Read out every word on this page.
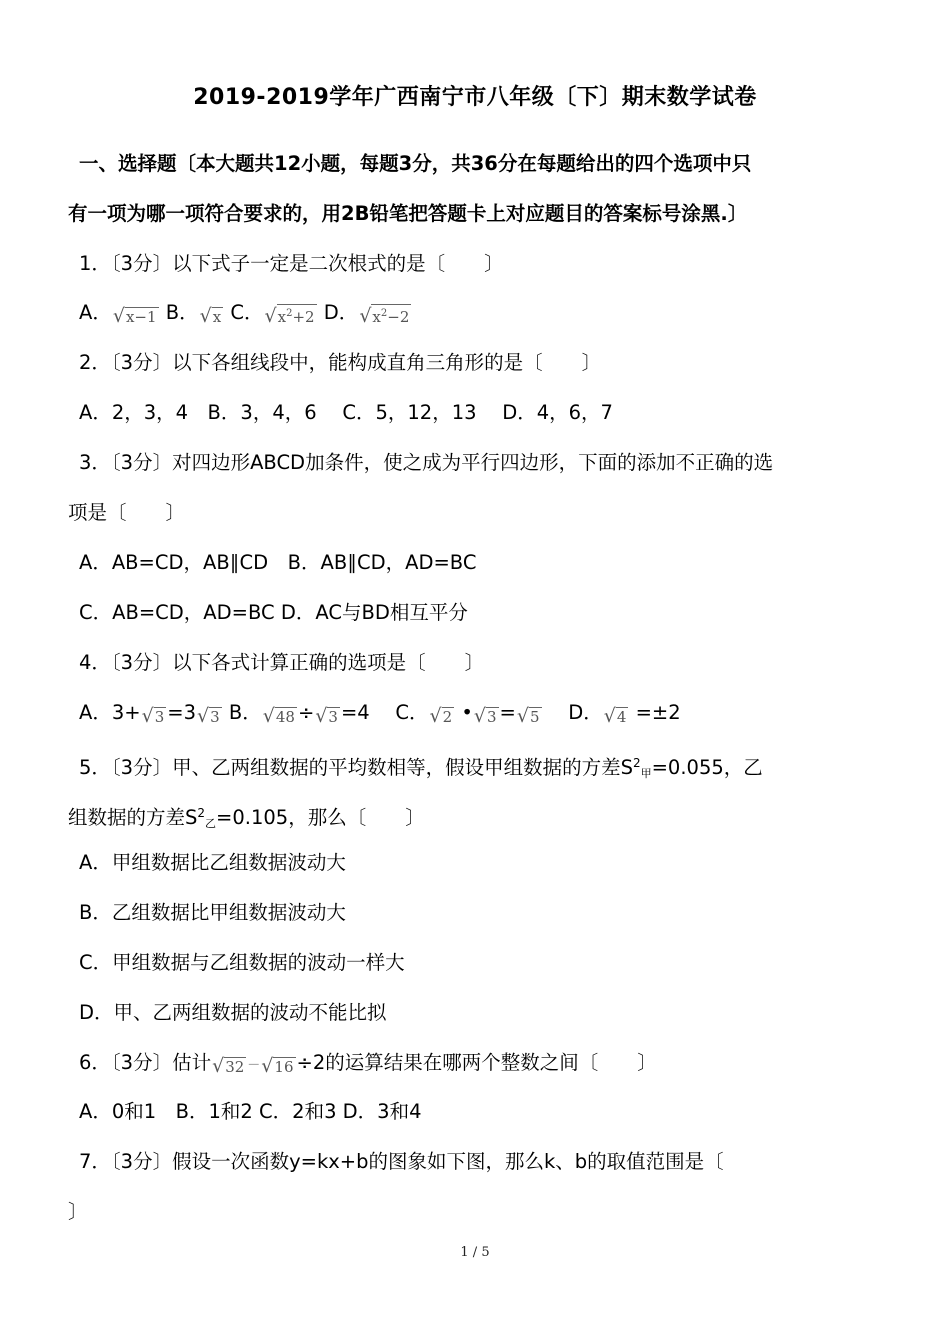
2019-2019学年广西南宁市八年级〔下〕期末数学试卷
一、选择题〔本大题共12小题，每题3分，共36分在每题给出的四个选项中只
有一项为哪一项符合要求的，用2B铅笔把答题卡上对应题目的答案标号涂黑.〕
1．〔3分〕以下式子一定是二次根式的是〔　　〕
A． √ x−1 B． √ x C． √ $x^2+2$ D． √ $x^2-2$
2．〔3分〕以下各组线段中，能构成直角三角形的是〔　　〕
A．2，3，4　B．3，4，6　 C．5，12，13　 D．4，6，7
3．〔3分〕对四边形ABCD加条件，使之成为平行四边形，下面的添加不正确的选
项是〔　　〕
A．AB=CD，AB∥CD　B．AB∥CD，AD=BC
C．AB=CD，AD=BC D．AC与BD相互平分
4．〔3分〕以下各式计算正确的选项是〔　　〕
A．3+ √ 3 =3 √ 3 B． √ 48 ÷ √ 3 =4　 C． √ 2 • √ 3 = √ 5 　 D． √ 4 =±2
5．〔3分〕甲、乙两组数据的平均数相等，假设甲组数据的方差$S^2_甲=0.055$，乙
组数据的方差$S^2_乙=0.105$，那么〔　　〕
A．甲组数据比乙组数据波动大
B．乙组数据比甲组数据波动大
C．甲组数据与乙组数据的波动一样大
D．甲、乙两组数据的波动不能比拟
6．〔3分〕估计 √ 32 － √ 16 ÷2的运算结果在哪两个整数之间〔　　〕
A．0和1　B．1和2 C．2和3 D．3和4
7．〔3分〕假设一次函数y=kx+b的图象如下图，那么k、b的取值范围是〔
〕
1 / 5
